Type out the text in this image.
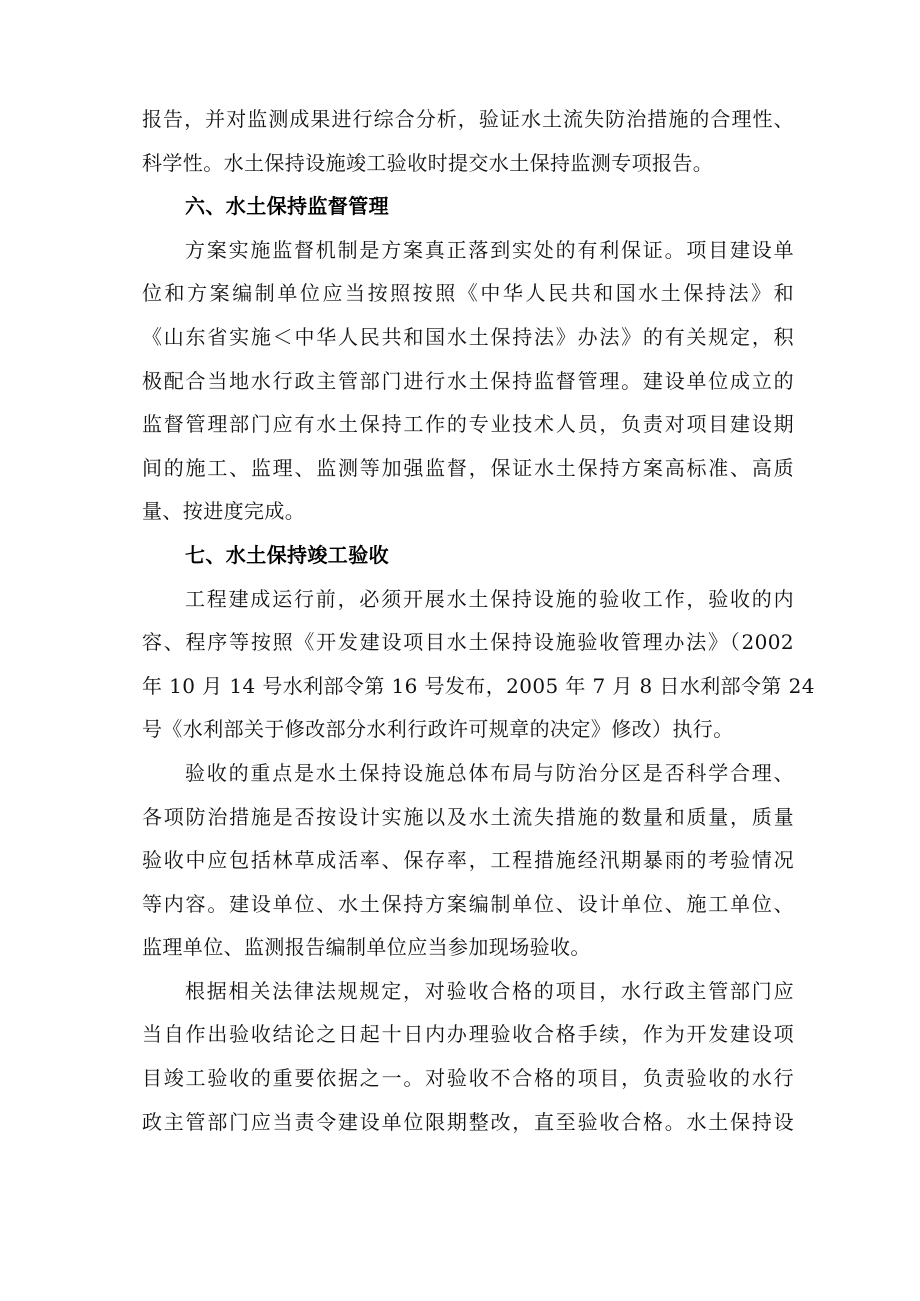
报告，并对监测成果进行综合分析，验证水土流失防治措施的合理性、
科学性。水土保持设施竣工验收时提交水土保持监测专项报告。
六、水土保持监督管理
方案实施监督机制是方案真正落到实处的有利保证。项目建设单
位和方案编制单位应当按照按照《中华人民共和国水土保持法》和
《山东省实施＜中华人民共和国水土保持法》办法》的有关规定，积
极配合当地水行政主管部门进行水土保持监督管理。建设单位成立的
监督管理部门应有水土保持工作的专业技术人员，负责对项目建设期
间的施工、监理、监测等加强监督，保证水土保持方案高标准、高质
量、按进度完成。
七、水土保持竣工验收
工程建成运行前，必须开展水土保持设施的验收工作，验收的内
容、程序等按照《开发建设项目水土保持设施验收管理办法》（2002
年 10 月 14 号水利部令第 16 号发布，2005 年 7 月 8 日水利部令第 24
号《水利部关于修改部分水利行政许可规章的决定》修改）执行。
验收的重点是水土保持设施总体布局与防治分区是否科学合理、
各项防治措施是否按设计实施以及水土流失措施的数量和质量，质量
验收中应包括林草成活率、保存率，工程措施经汛期暴雨的考验情况
等内容。建设单位、水土保持方案编制单位、设计单位、施工单位、
监理单位、监测报告编制单位应当参加现场验收。
根据相关法律法规规定，对验收合格的项目，水行政主管部门应
当自作出验收结论之日起十日内办理验收合格手续，作为开发建设项
目竣工验收的重要依据之一。对验收不合格的项目，负责验收的水行
政主管部门应当责令建设单位限期整改，直至验收合格。水土保持设
